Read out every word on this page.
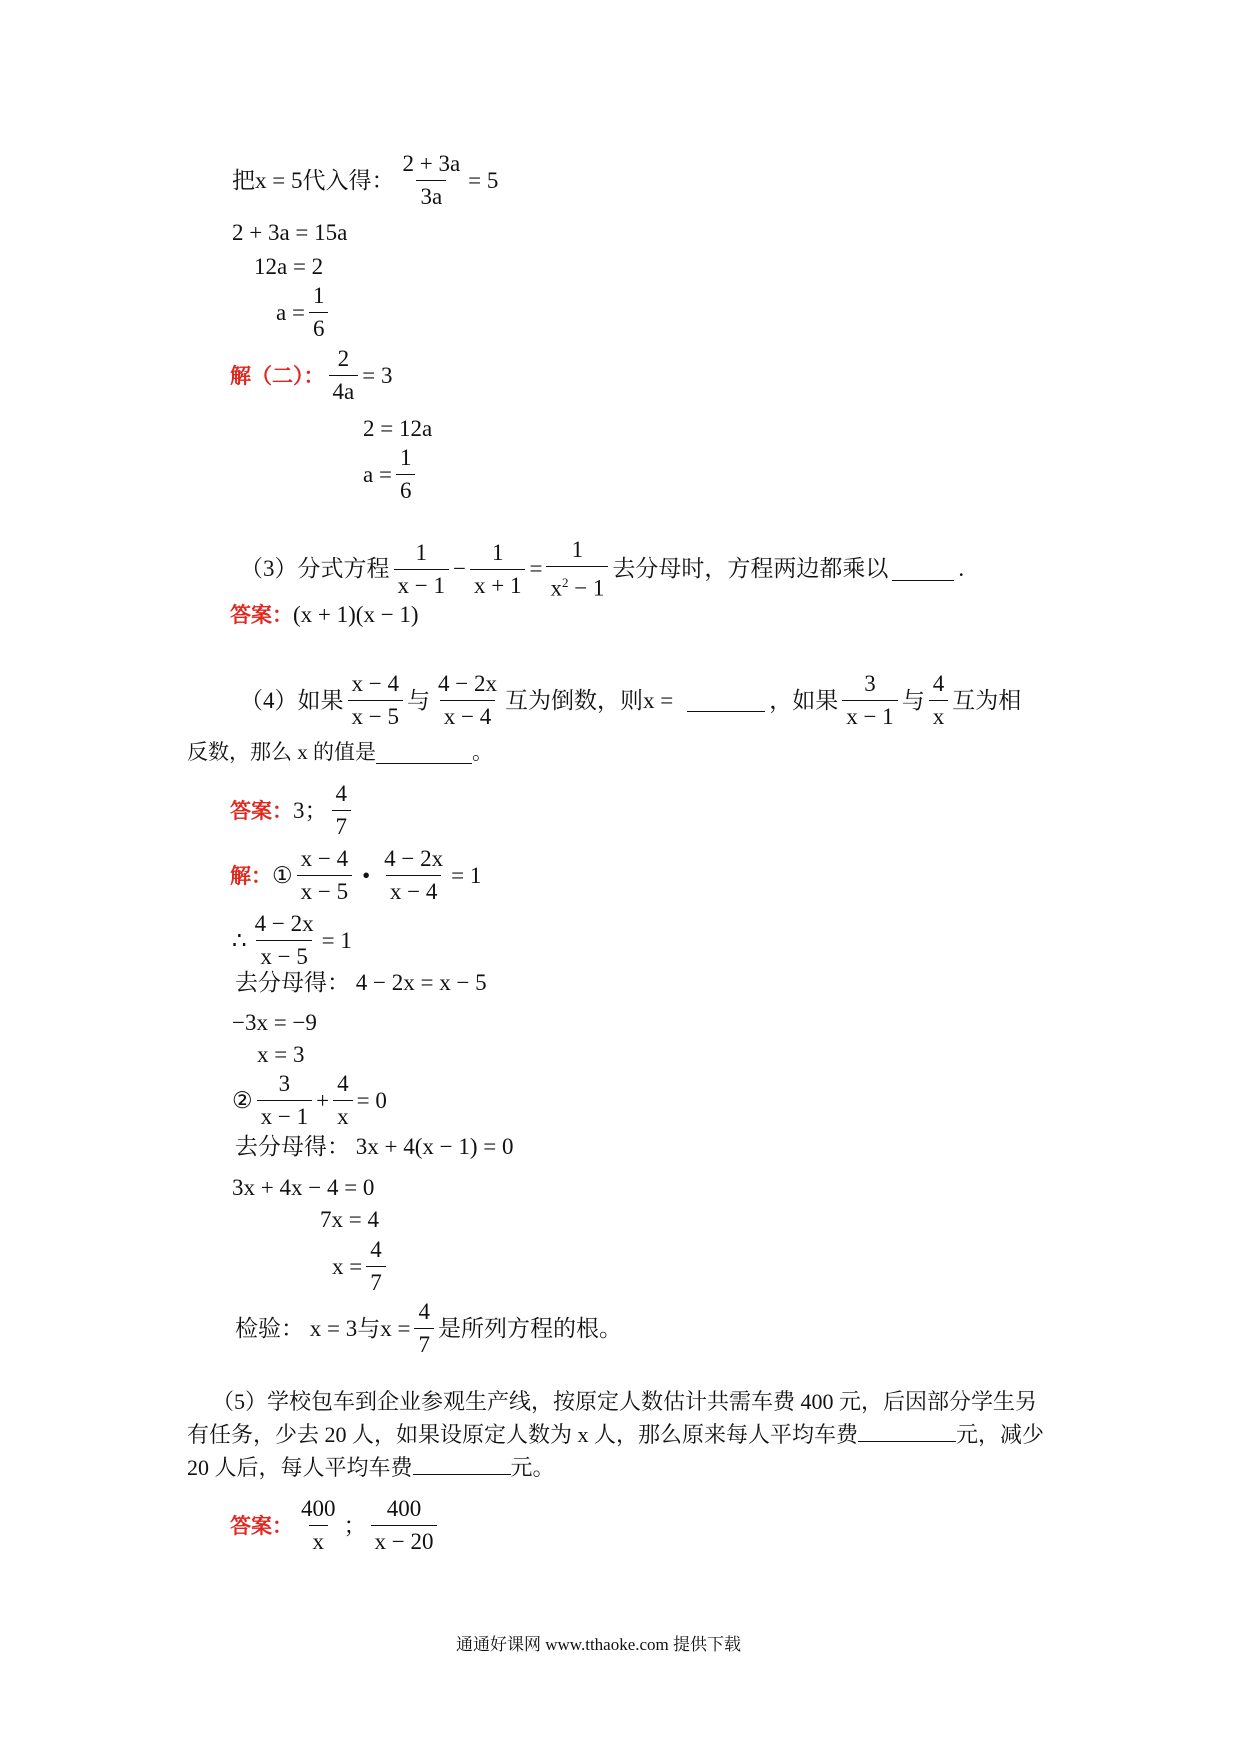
把x = 5代入得： $\frac{2 + 3a}{3a} = 5$
2 + 3a = 15a
12a = 2
$a = \frac{1}{6}$
解（二）： $\frac{2}{4a} = 3$
2 = 12a
$a = \frac{1}{6}$
（3）分式方程 $\frac{1}{x - 1} - \frac{1}{x + 1} = \frac{1}{x^2 - 1}$ 去分母时，方程两边都乘以	.
答案： (x + 1)(x − 1)
（4）如果 $\frac{x - 4}{x - 5}$ 与 $\frac{4 - 2x}{x - 4}$ 互为倒数，则x =	，如果 $\frac{3}{x - 1}$ 与 $\frac{4}{x}$ 互为相
反数，那么 x 的值是	。
答案： 3； $\frac{4}{7}$
解： ① $\frac{x - 4}{x - 5}$ • $\frac{4 - 2x}{x - 4} = 1$
∴ $\frac{4 - 2x}{x - 5} = 1$
去分母得： 4 − 2x = x − 5
−3x = −9
x = 3
② $\frac{3}{x - 1} + \frac{4}{x} = 0$
去分母得： 3x + 4(x − 1) = 0
3x + 4x − 4 = 0
7x = 4
$x = \frac{4}{7}$
检验： x = 3与$x = \frac{4}{7}$ 是所列方程的根。
（5）学校包车到企业参观生产线，按原定人数估计共需车费 400 元，后因部分学生另
有任务，少去 20 人，如果设原定人数为 x 人，那么原来每人平均车费	元，减少
20 人后，每人平均车费	元。
答案： $\frac{400}{x}$ ； $\frac{400}{x - 20}$
通通好课网 www.tthaoke.com 提供下载
